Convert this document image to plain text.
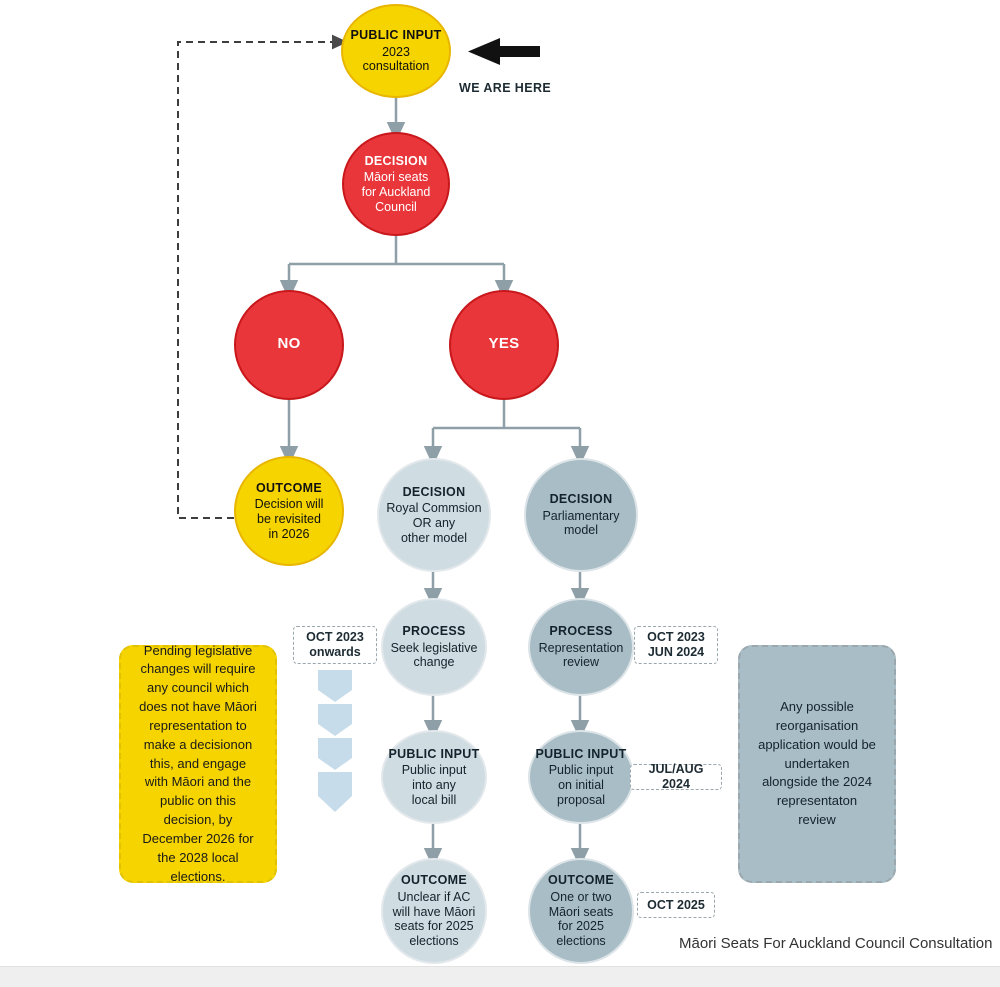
PUBLIC INPUT
2023
consultation
DECISION
Māori seats
for Auckland
Council
NO	YES
OUTCOME
Decision will
be revisited
in 2026
DECISION
Royal Commsion
OR any
other model
DECISION
Parliamentary
model
PROCESS
Seek legislative
change
PROCESS
Representation
review
PUBLIC INPUT
Public input
into any
local bill
PUBLIC INPUT
Public input
on initial
proposal
OUTCOME
Unclear if AC
will have Māori
seats for 2025
elections
OUTCOME
One or two
Māori seats
for 2025
elections
OCT 2023
onwards
OCT 2023
JUN 2024
JUL/AUG 2024
OCT 2025
Pending legislative changes will require any council which does not have Māori representation to make a decisionon this, and engage with Māori and the public on this decision, by December 2026 for the 2028 local elections.
Any possible reorganisation application would be undertaken alongside the 2024 representaton review
WE ARE HERE
Māori Seats For Auckland Council Consultation
